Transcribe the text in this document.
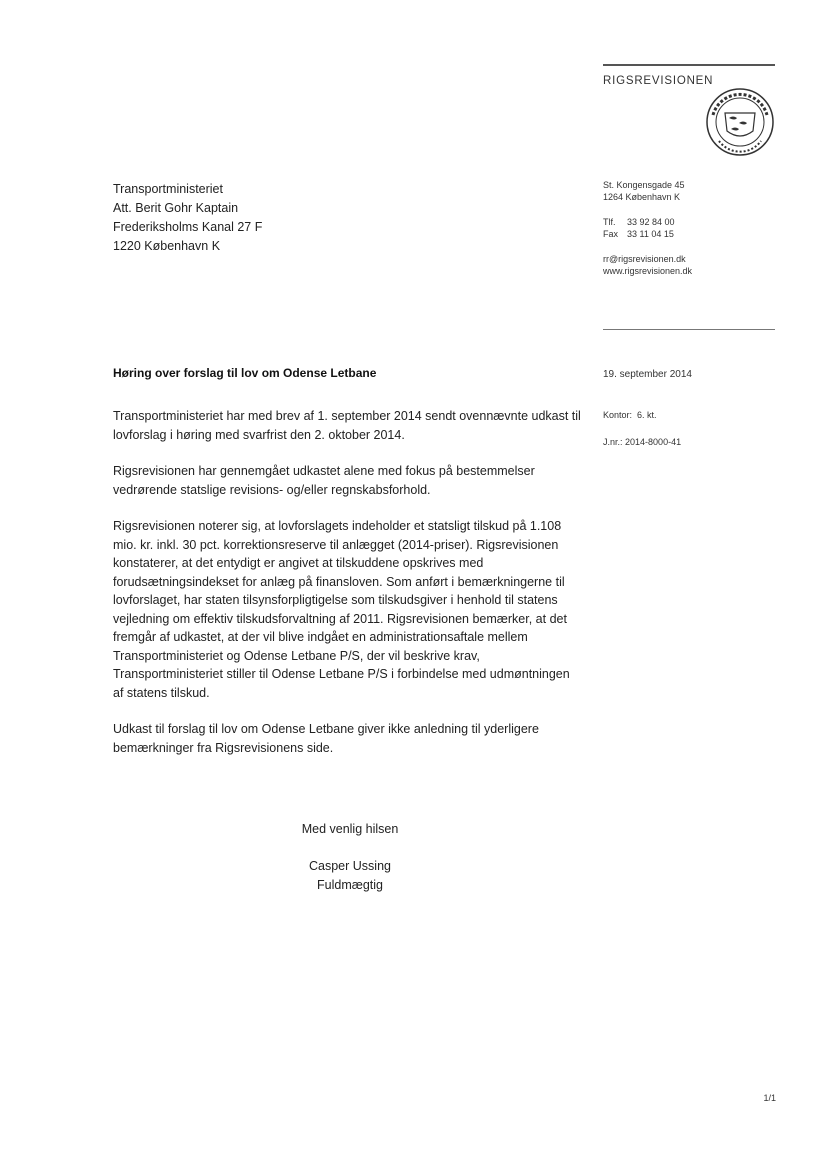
RIGSREVISIONEN
Transportministeriet
Att. Berit Gohr Kaptain
Frederiksholms Kanal 27 F
1220 København K
St. Kongensgade 45
1264 København K
Tlf. 33 92 84 00
Fax 33 11 04 15
rr@rigsrevisionen.dk
www.rigsrevisionen.dk
Høring over forslag til lov om Odense Letbane	19. september 2014
Kontor: 6. kt.
J.nr.: 2014-8000-41

Transportministeriet har med brev af 1. september 2014 sendt ovennævnte udkast til lovforslag i høring med svarfrist den 2. oktober 2014.

Rigsrevisionen har gennemgået udkastet alene med fokus på bestemmelser vedrørende statslige revisions- og/eller regnskabsforhold.

Rigsrevisionen noterer sig, at lovforslagets indeholder et statsligt tilskud på 1.108 mio. kr. inkl. 30 pct. korrektionsreserve til anlægget (2014-priser). Rigsrevisionen konstaterer, at det entydigt er angivet at tilskuddene opskrives med forudsætningsindekset for anlæg på finansloven. Som anført i bemærkningerne til lovforslaget, har staten tilsynsforpligtigelse som tilskudsgiver i henhold til statens vejledning om effektiv tilskudsforvaltning af 2011. Rigsrevisionen bemærker, at det fremgår af udkastet, at der vil blive indgået en administrationsaftale mellem Transportministeriet og Odense Letbane P/S, der vil beskrive krav, Transportministeriet stiller til Odense Letbane P/S i forbindelse med udmøntningen af statens tilskud.

Udkast til forslag til lov om Odense Letbane giver ikke anledning til yderligere bemærkninger fra Rigsrevisionens side.

Med venlig hilsen
Casper Ussing
Fuldmægtig
1/1
